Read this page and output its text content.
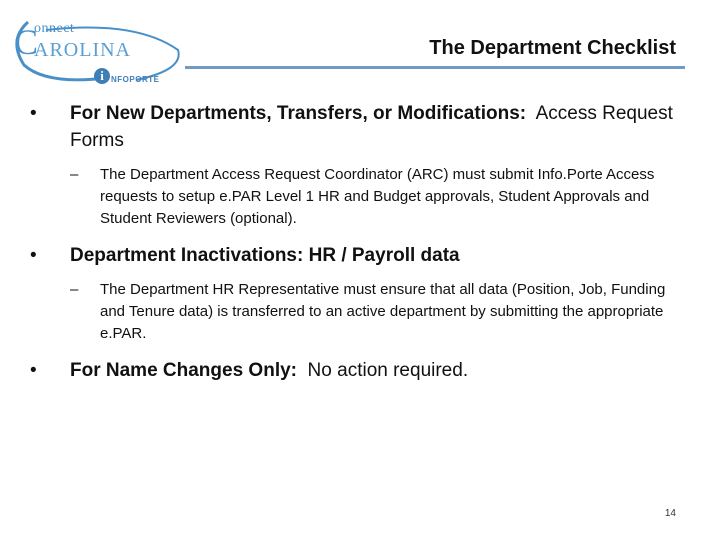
C
onnect
AROLINA
i NFOPORTE
The Department Checklist
• For New Departments, Transfers, or Modifications:  Access Request Forms
– The Department Access Request Coordinator (ARC) must submit Info.Porte Access requests to setup e.PAR Level 1 HR and Budget approvals, Student Approvals and Student Reviewers (optional).
• Department Inactivations: HR / Payroll data
– The Department HR Representative must ensure that all data (Position, Job, Funding and Tenure data) is transferred to an active department by submitting the appropriate e.PAR.
• For Name Changes Only:  No action required.
14
